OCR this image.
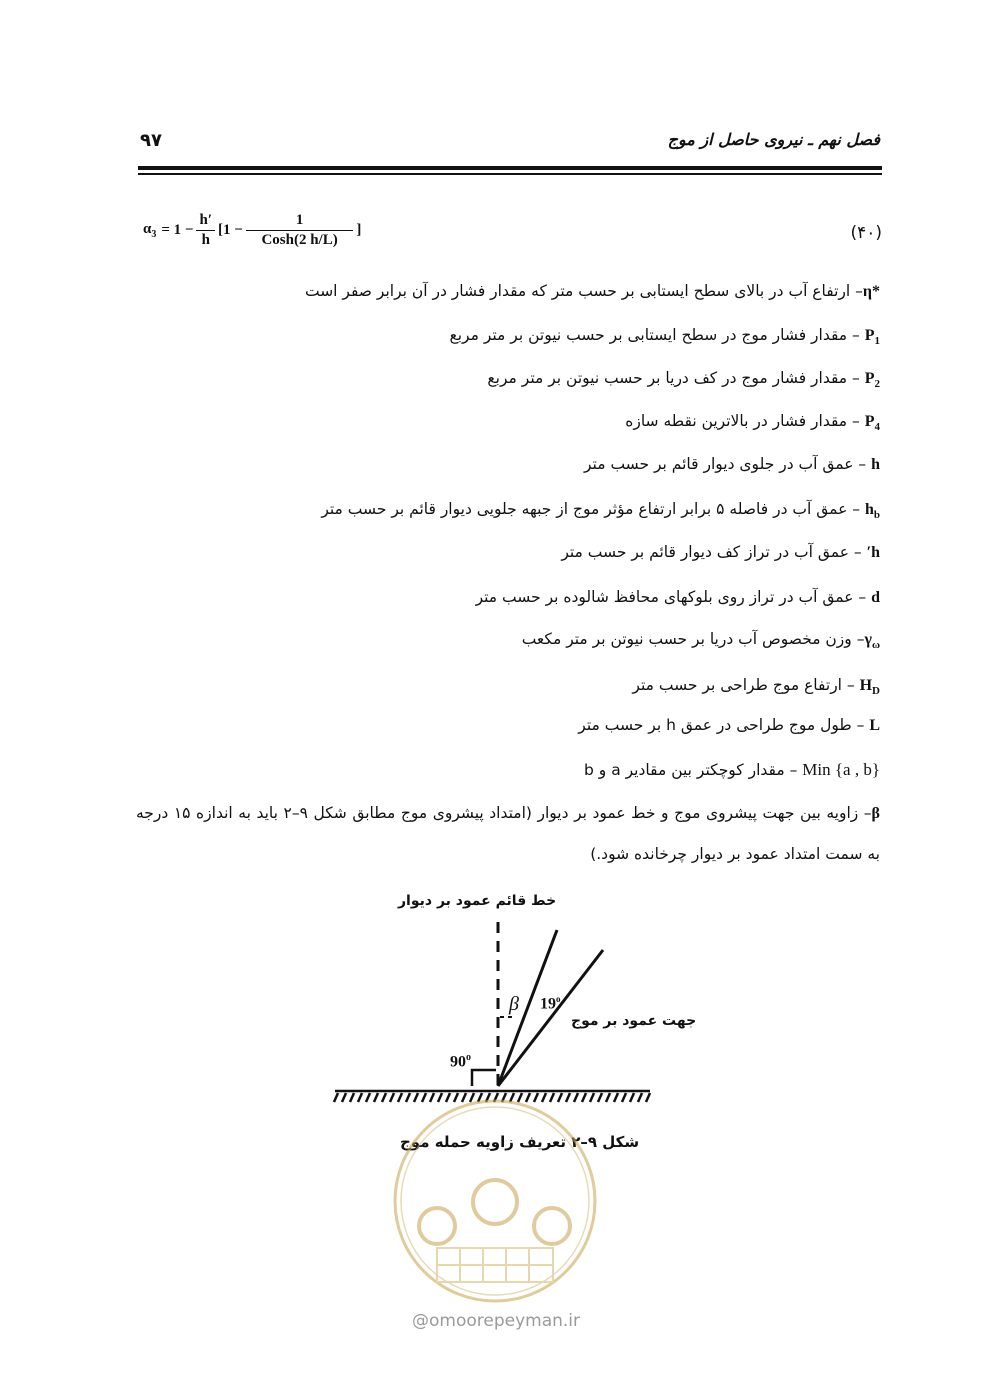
فصل نهم ـ نیروی حاصل از موج
۹۷
(۴۰)
$\alpha_3 = 1 - \frac{h'}{h} [1 - \frac{1}{\text{Cosh(2 h/L)}}$ ]
*η– ارتفاع آب در بالای سطح ایستابی بر حسب متر که مقدار فشار در آن برابر صفر است
$P_1$ – مقدار فشار موج در سطح ایستابی بر حسب نیوتن بر متر مربع
$P_2$ – مقدار فشار موج در کف دریا بر حسب نیوتن بر متر مربع
$P_4$ – مقدار فشار در بالاترین نقطه سازه
h – عمق آب در جلوی دیوار قائم بر حسب متر
$h_b$ – عمق آب در فاصله ۵ برابر ارتفاع مؤثر موج از جبهه جلویی دیوار قائم بر حسب متر
h′ – عمق آب در تراز کف دیوار قائم بر حسب متر
d – عمق آب در تراز روی بلوکهای محافظ شالوده بر حسب متر
$\gamma_\omega-$ وزن مخصوص آب دریا بر حسب نیوتن بر متر مکعب
$H_D$ – ارتفاع موج طراحی بر حسب متر
L – طول موج طراحی در عمق h بر حسب متر
Min {a , b} – مقدار کوچکتر بین مقادیر a و b
β– زاویه بین جهت پیشروی موج و خط عمود بر دیوار (امتداد پیشروی موج مطابق شکل ۹–۲ باید به اندازه ۱۵ درجه به سمت امتداد عمود بر دیوار چرخانده شود.)
خط قائم عمود بر دیوار
جهت عمود بر موج
90$^o$
β 19$^o$
شکل ۹–۲ تعریف زاویه حمله موج
@omoorepeyman.ir
